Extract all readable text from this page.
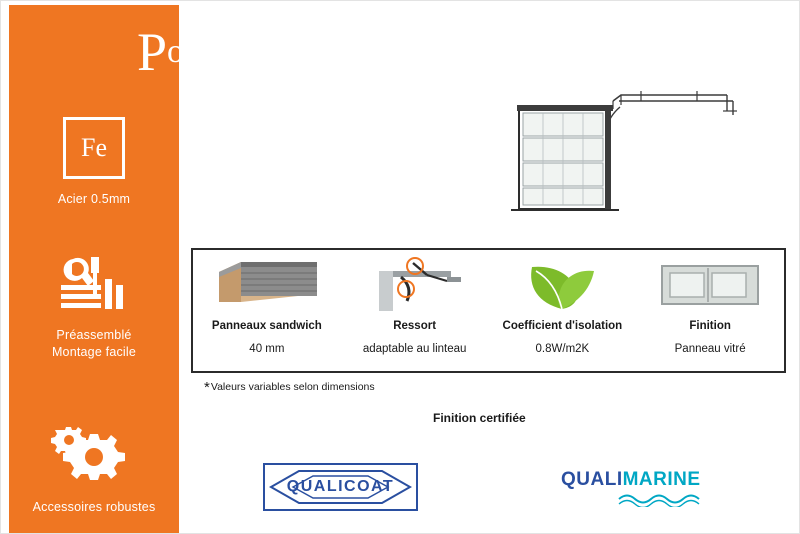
Fe
Acier 0.5mm
Préassemblé
Montage facile
Accessoires robustes
Porte industrielle vitrée
Panneaux sandwich
40 mm
Ressort
adaptable au linteau
Coefficient d'isolation
0.8W/m2K
Finition
Panneau vitré
*Valeurs variables selon dimensions
Finition certifiée
QUALICOAT	QUALIMARINE
